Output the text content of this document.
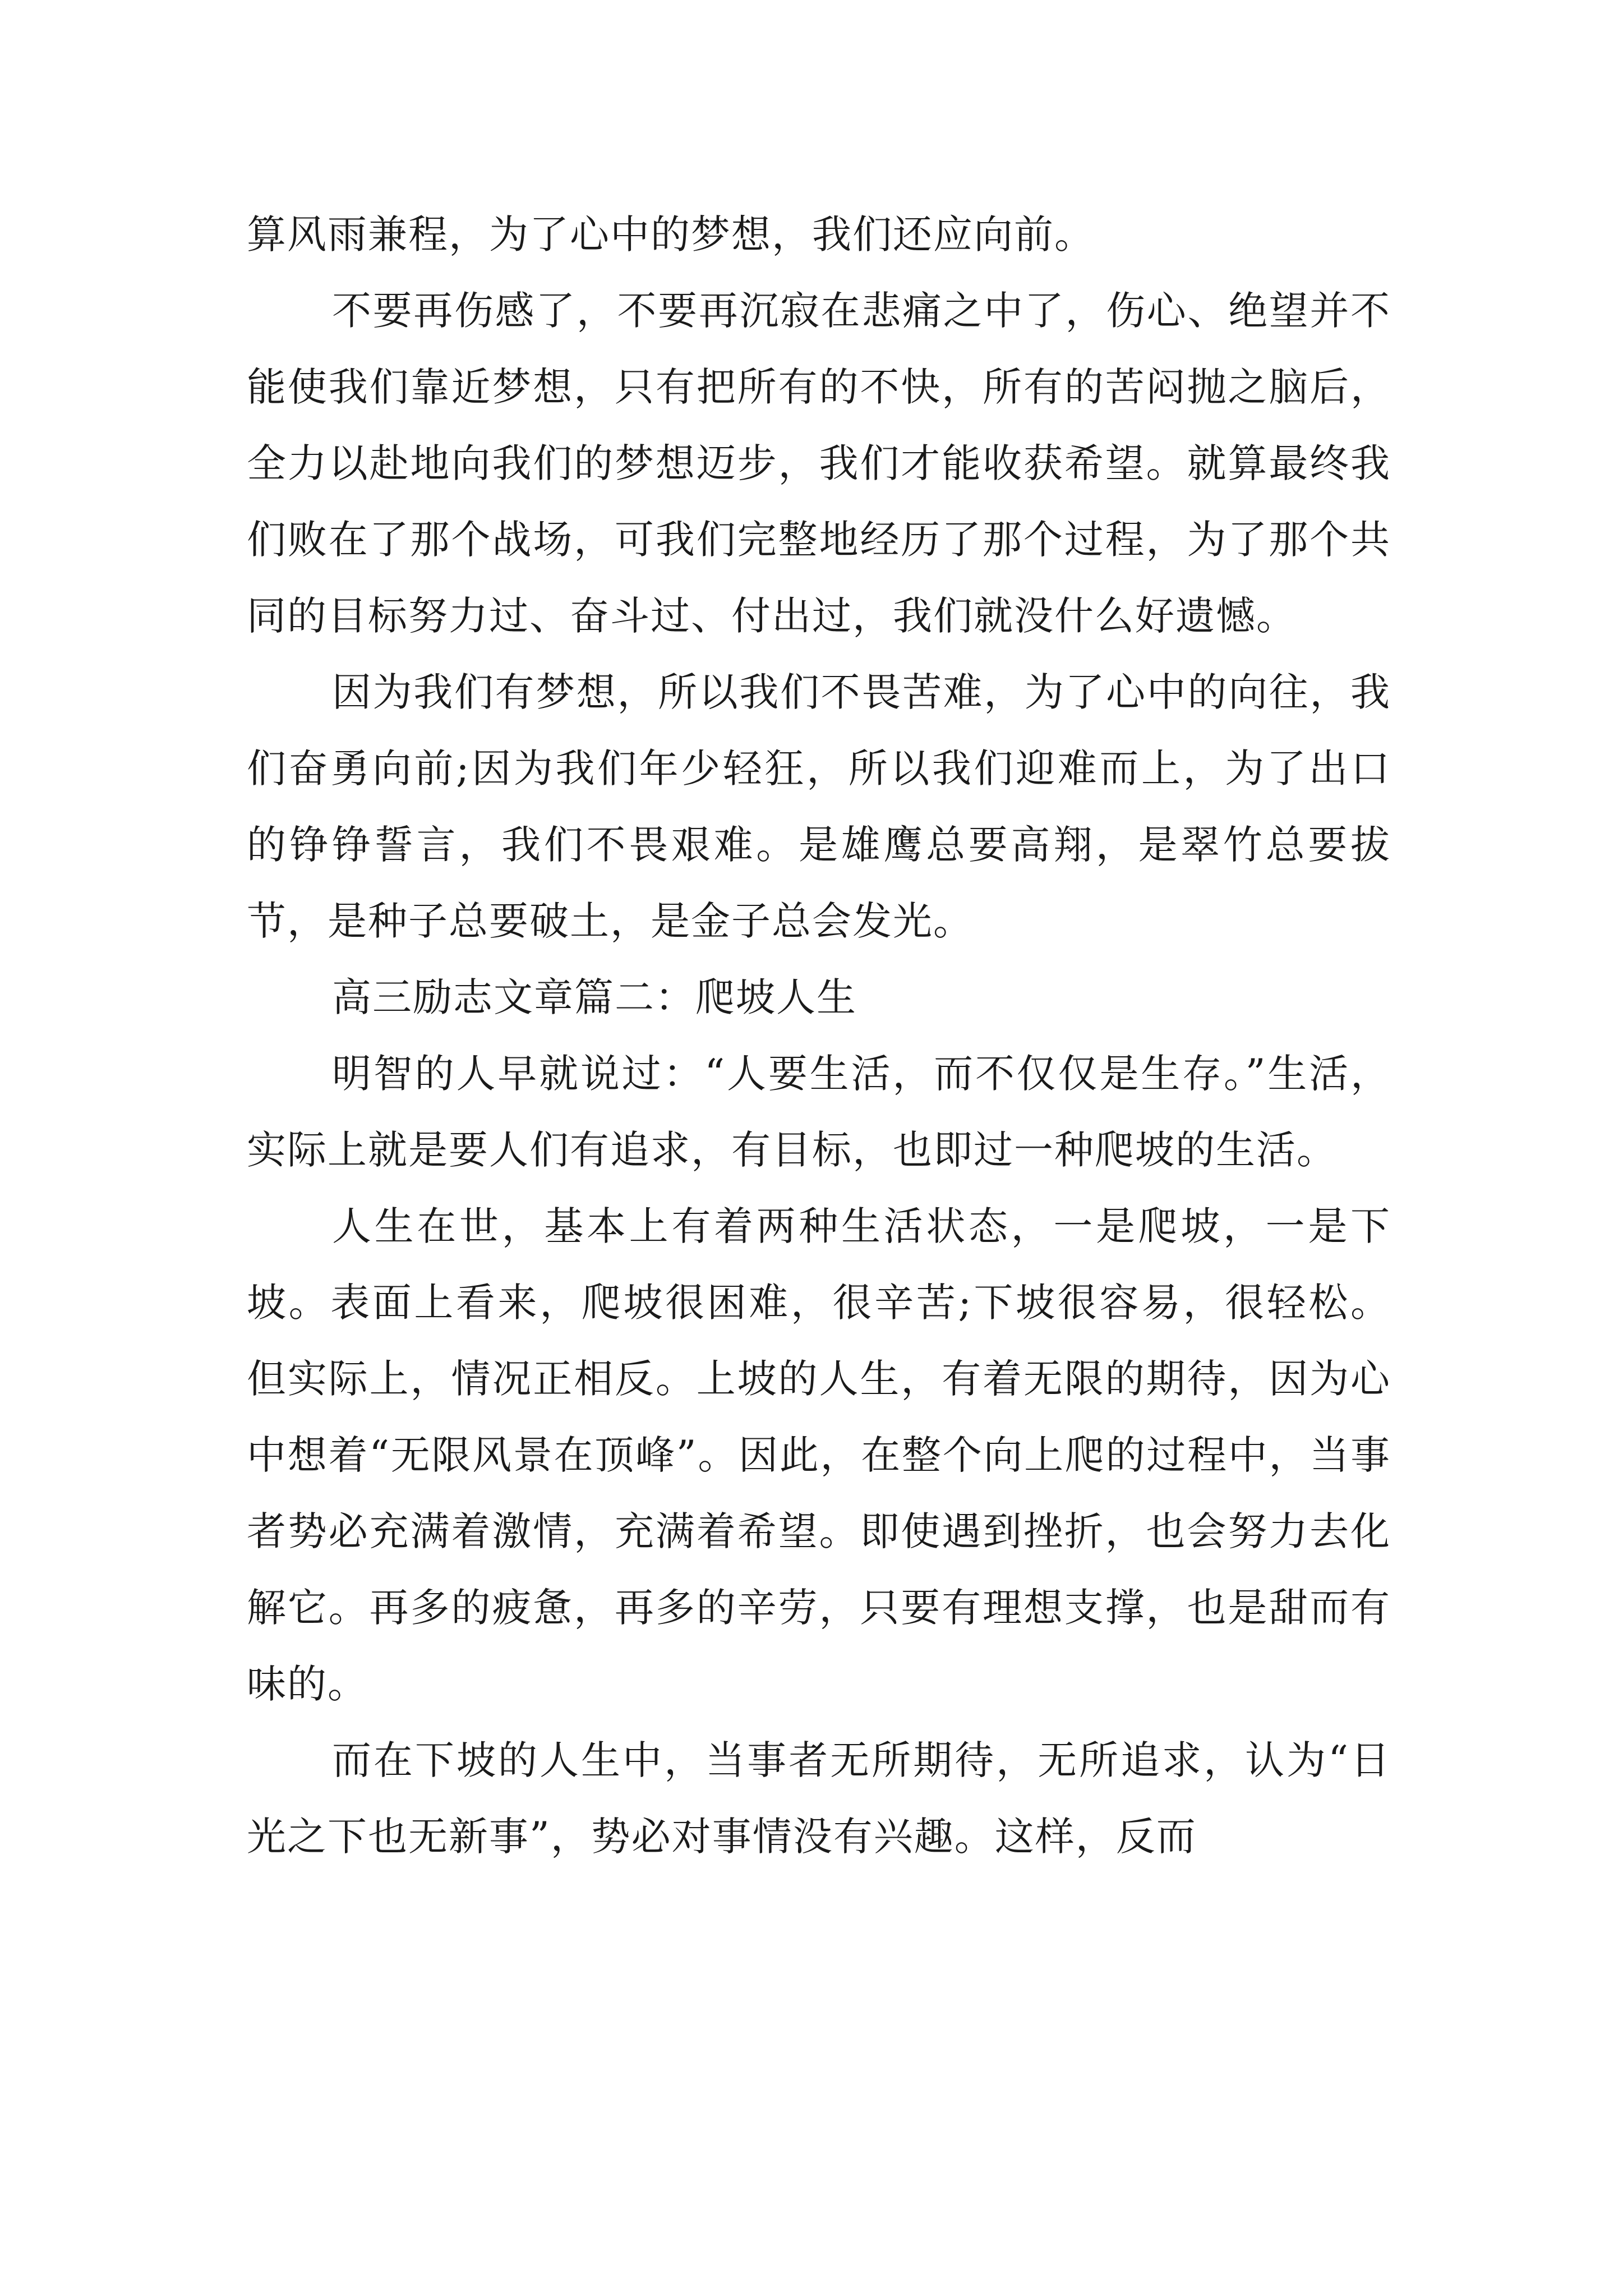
算风雨兼程，为了心中的梦想，我们还应向前。

不要再伤感了，不要再沉寂在悲痛之中了，伤心、绝望并不能使我们靠近梦想，只有把所有的不快，所有的苦闷抛之脑后，全力以赴地向我们的梦想迈步，我们才能收获希望。就算最终我们败在了那个战场，可我们完整地经历了那个过程，为了那个共同的目标努力过、奋斗过、付出过，我们就没什么好遗憾。

因为我们有梦想，所以我们不畏苦难，为了心中的向往，我们奋勇向前;因为我们年少轻狂，所以我们迎难而上，为了出口的铮铮誓言，我们不畏艰难。是雄鹰总要高翔，是翠竹总要拔节，是种子总要破土，是金子总会发光。

高三励志文章篇二：爬坡人生

明智的人早就说过：“人要生活，而不仅仅是生存。”生活，实际上就是要人们有追求，有目标，也即过一种爬坡的生活。

人生在世，基本上有着两种生活状态，一是爬坡，一是下坡。表面上看来，爬坡很困难，很辛苦;下坡很容易，很轻松。但实际上，情况正相反。上坡的人生，有着无限的期待，因为心中想着“无限风景在顶峰”。因此，在整个向上爬的过程中，当事者势必充满着激情，充满着希望。即使遇到挫折，也会努力去化解它。再多的疲惫，再多的辛劳，只要有理想支撑，也是甜而有味的。

而在下坡的人生中，当事者无所期待，无所追求，认为“日光之下也无新事”，势必对事情没有兴趣。这样，反而
